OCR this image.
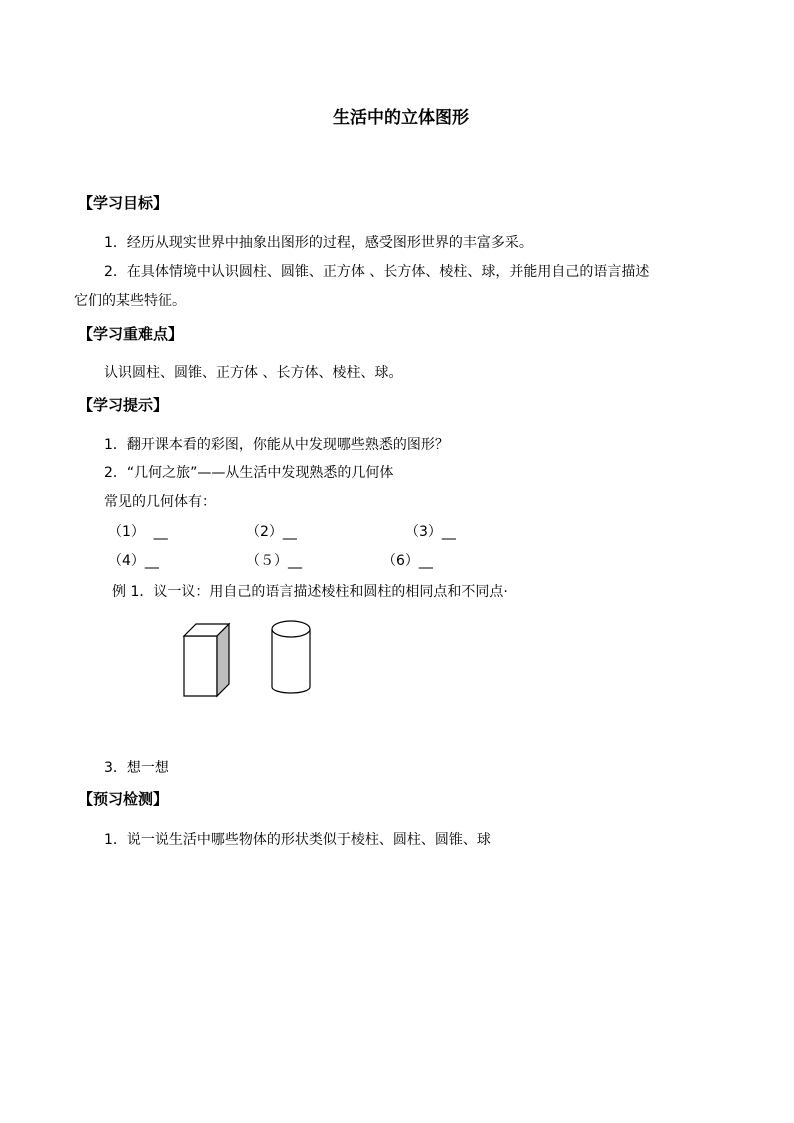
生活中的立体图形
【学习目标】
1．经历从现实世界中抽象出图形的过程，感受图形世界的丰富多采。
2．在具体情境中认识圆柱、圆锥、正方体 、长方体、棱柱、球，并能用自己的语言描述
它们的某些特征。
【学习重难点】
认识圆柱、圆锥、正方体 、长方体、棱柱、球。
【学习提示】
1．翻开课本看的彩图，你能从中发现哪些熟悉的图形？
2．“几何之旅”——从生活中发现熟悉的几何体
常见的几何体有：
（1）  __	（2）__	（3）__
（4）__	（５）__	（6）__
例 1．议一议：用自己的语言描述棱柱和圆柱的相同点和不同点·
3．想一想
【预习检测】
1．说一说生活中哪些物体的形状类似于棱柱、圆柱、圆锥、球
